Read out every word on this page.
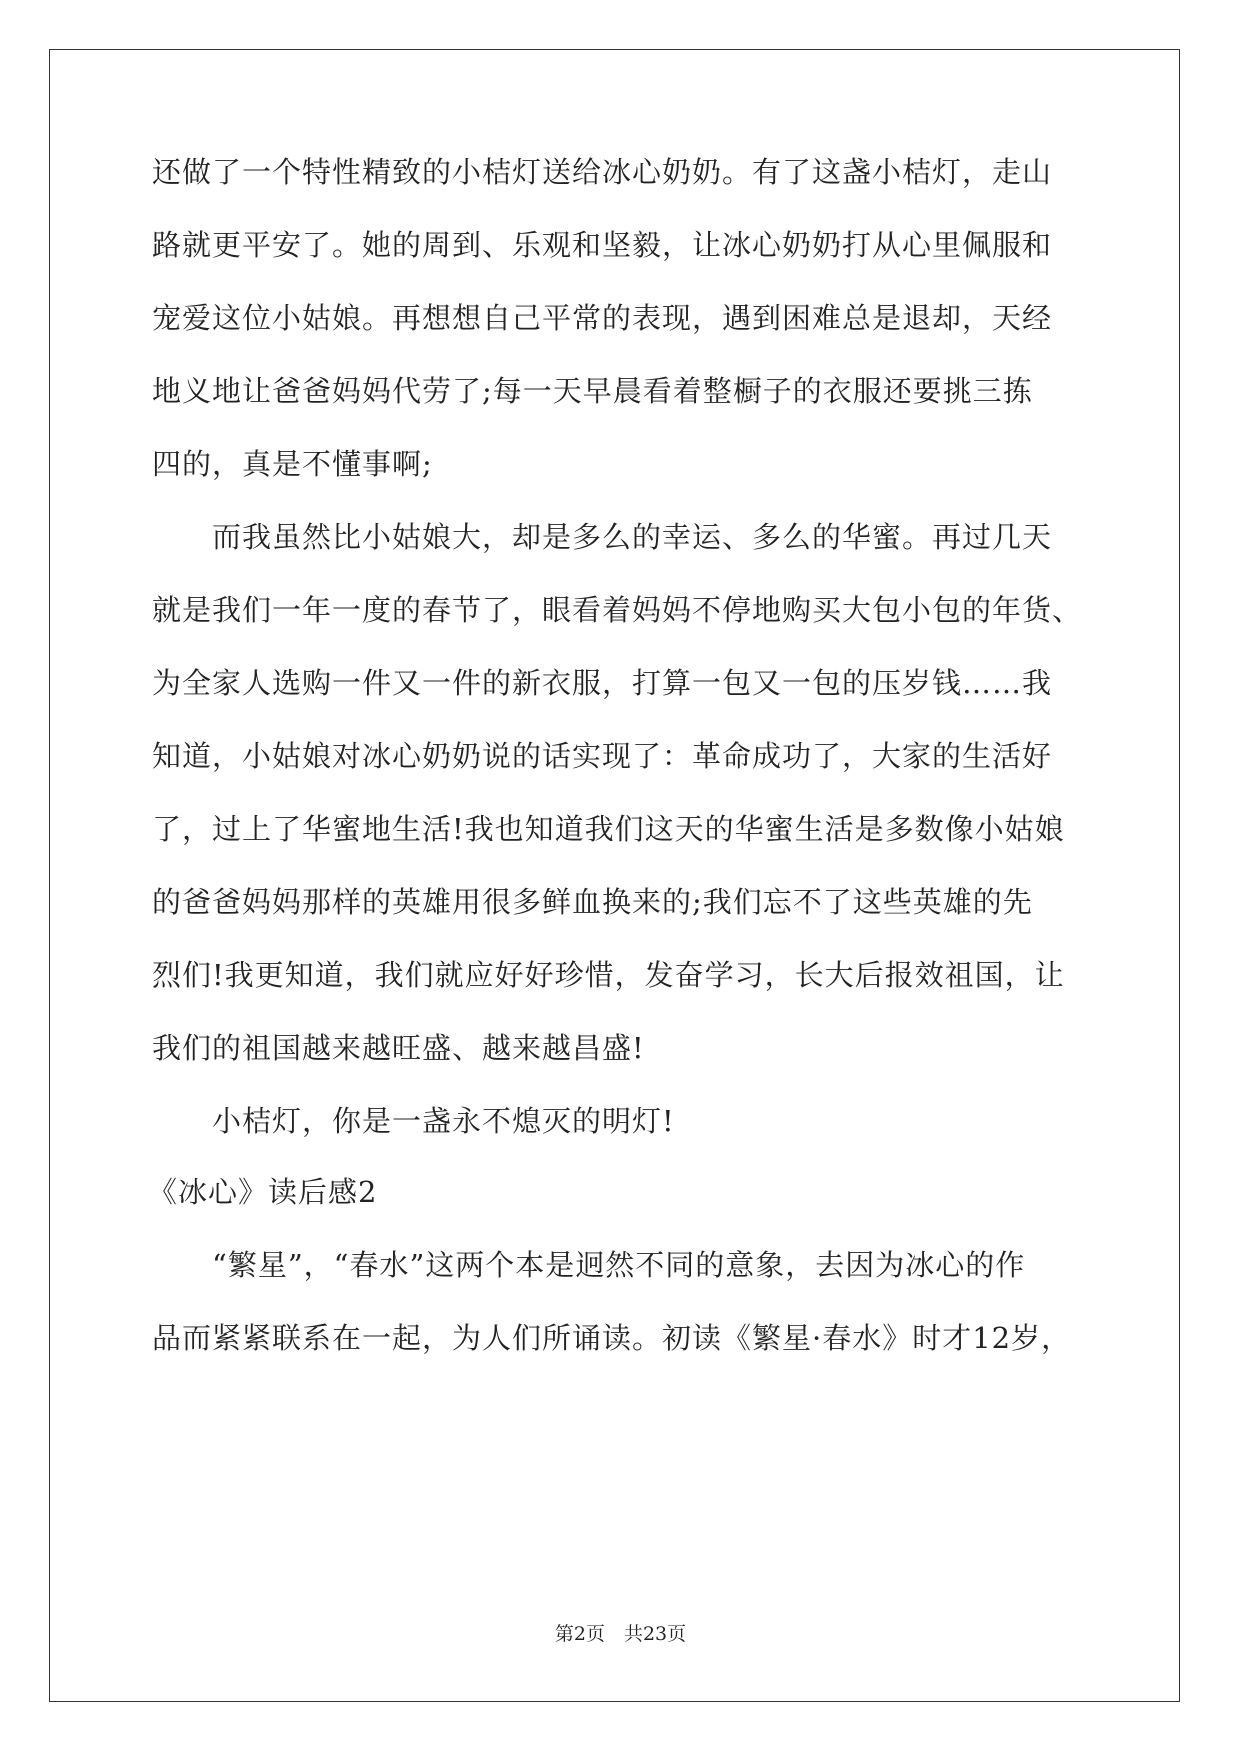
还做了一个特性精致的小桔灯送给冰心奶奶。有了这盏小桔灯，走山
路就更平安了。她的周到、乐观和坚毅，让冰心奶奶打从心里佩服和
宠爱这位小姑娘。再想想自己平常的表现，遇到困难总是退却，天经
地义地让爸爸妈妈代劳了;每一天早晨看着整橱子的衣服还要挑三拣
四的，真是不懂事啊;
　　而我虽然比小姑娘大，却是多么的幸运、多么的华蜜。再过几天
就是我们一年一度的春节了，眼看着妈妈不停地购买大包小包的年货、
为全家人选购一件又一件的新衣服，打算一包又一包的压岁钱……我
知道，小姑娘对冰心奶奶说的话实现了：革命成功了，大家的生活好
了，过上了华蜜地生活!我也知道我们这天的华蜜生活是多数像小姑娘
的爸爸妈妈那样的英雄用很多鲜血换来的;我们忘不了这些英雄的先
烈们!我更知道，我们就应好好珍惜，发奋学习，长大后报效祖国，让
我们的祖国越来越旺盛、越来越昌盛!
　　小桔灯，你是一盏永不熄灭的明灯!
《冰心》读后感2
　　“繁星”，“春水”这两个本是迥然不同的意象，去因为冰心的作
品而紧紧联系在一起，为人们所诵读。初读《繁星·春水》时才12岁，
第2页　共23页
